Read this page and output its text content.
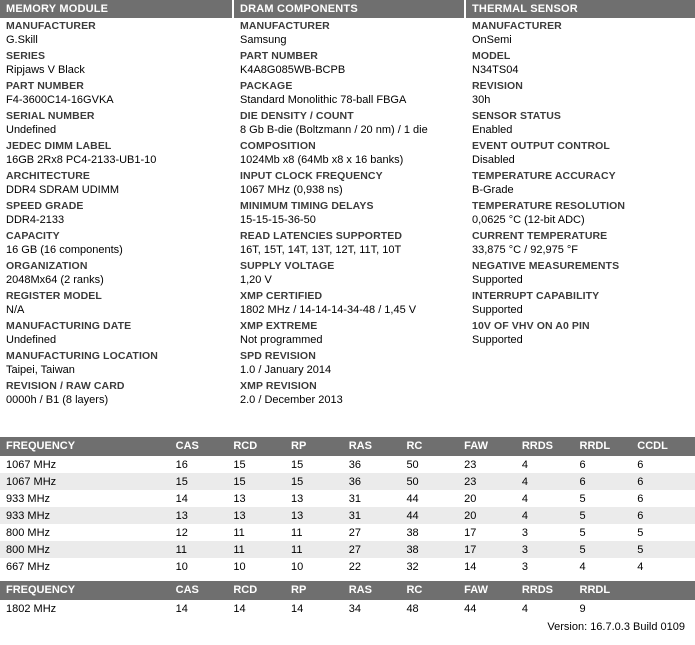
MEMORY MODULE
MANUFACTURER
G.Skill
SERIES
Ripjaws V Black
PART NUMBER
F4-3600C14-16GVKA
SERIAL NUMBER
Undefined
JEDEC DIMM LABEL
16GB 2Rx8 PC4-2133-UB1-10
ARCHITECTURE
DDR4 SDRAM UDIMM
SPEED GRADE
DDR4-2133
CAPACITY
16 GB (16 components)
ORGANIZATION
2048Mx64 (2 ranks)
REGISTER MODEL
N/A
MANUFACTURING DATE
Undefined
MANUFACTURING LOCATION
Taipei, Taiwan
REVISION / RAW CARD
0000h / B1 (8 layers)
DRAM COMPONENTS
MANUFACTURER
Samsung
PART NUMBER
K4A8G085WB-BCPB
PACKAGE
Standard Monolithic 78-ball FBGA
DIE DENSITY / COUNT
8 Gb B-die (Boltzmann / 20 nm) / 1 die
COMPOSITION
1024Mb x8 (64Mb x8 x 16 banks)
INPUT CLOCK FREQUENCY
1067 MHz (0,938 ns)
MINIMUM TIMING DELAYS
15-15-15-36-50
READ LATENCIES SUPPORTED
16T, 15T, 14T, 13T, 12T, 11T, 10T
SUPPLY VOLTAGE
1,20 V
XMP CERTIFIED
1802 MHz / 14-14-14-34-48 / 1,45 V
XMP EXTREME
Not programmed
SPD REVISION
1.0 / January 2014
XMP REVISION
2.0 / December 2013
THERMAL SENSOR
MANUFACTURER
OnSemi
MODEL
N34TS04
REVISION
30h
SENSOR STATUS
Enabled
EVENT OUTPUT CONTROL
Disabled
TEMPERATURE ACCURACY
B-Grade
TEMPERATURE RESOLUTION
0,0625 °C (12-bit ADC)
CURRENT TEMPERATURE
33,875 °C / 92,975 °F
NEGATIVE MEASUREMENTS
Supported
INTERRUPT CAPABILITY
Supported
10V OF VHV ON A0 PIN
Supported
FREQUENCY	CAS	RCD	RP	RAS	RC	FAW	RRDS	RRDL	CCDL
1067 MHz	16	15	15	36	50	23	4	6	6
1067 MHz	15	15	15	36	50	23	4	6	6
933 MHz	14	13	13	31	44	20	4	5	6
933 MHz	13	13	13	31	44	20	4	5	6
800 MHz	12	11	11	27	38	17	3	5	5
800 MHz	11	11	11	27	38	17	3	5	5
667 MHz	10	10	10	22	32	14	3	4	4
FREQUENCY	CAS	RCD	RP	RAS	RC	FAW	RRDS	RRDL	
1802 MHz	14	14	14	34	48	44	4	9	
Version: 16.7.0.3 Build 0109
